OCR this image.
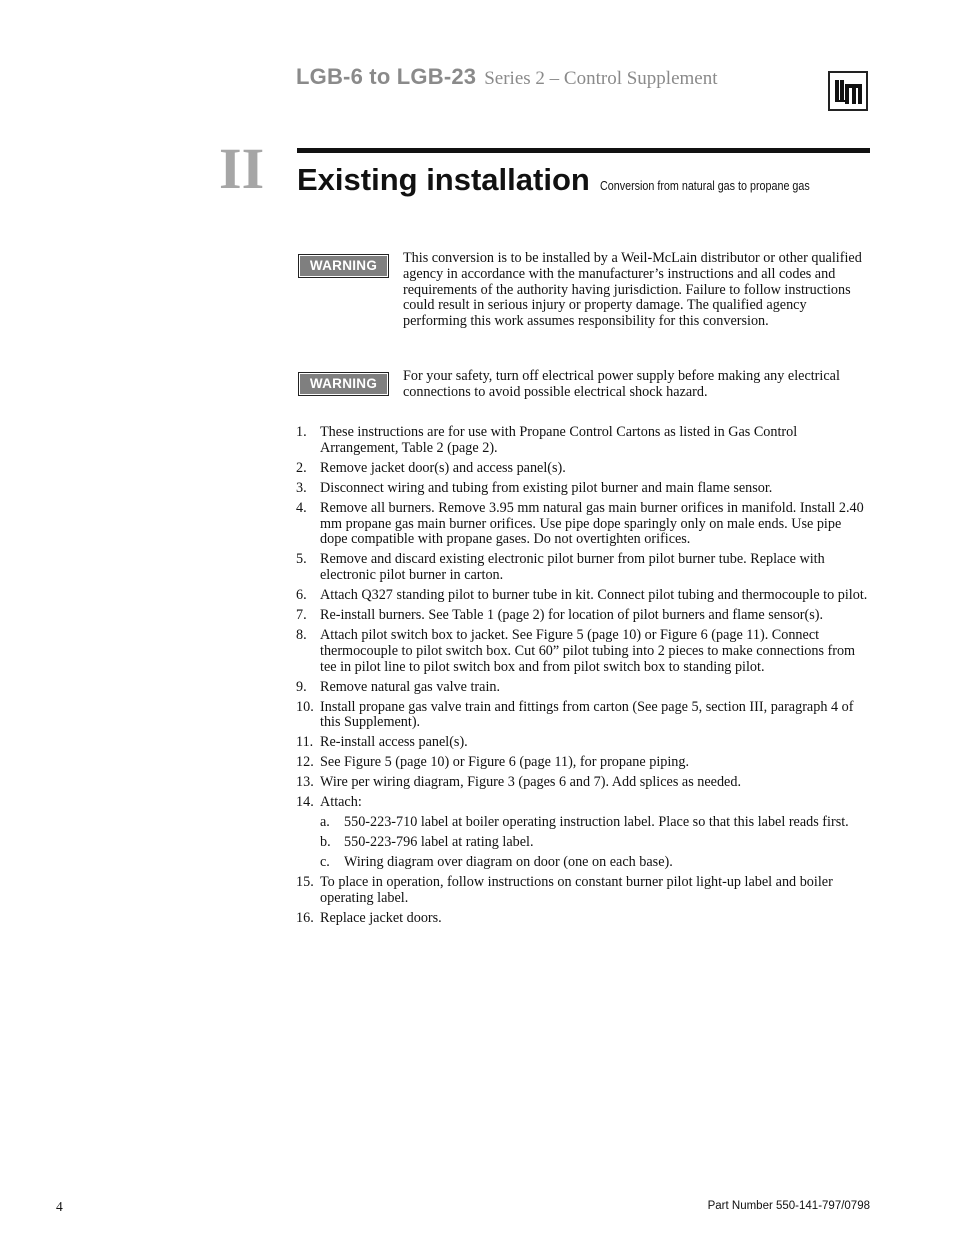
LGB-6 to LGB-23 Series 2 – Control Supplement
II Existing installation Conversion from natural gas to propane gas
WARNING	This conversion is to be installed by a Weil-McLain distributor or other qualified agency in accordance with the manufacturer’s instructions and all codes and requirements of the authority having jurisdiction. Failure to follow instructions could result in serious injury or property damage. The qualified agency performing this work assumes responsibility for this conversion.
WARNING	For your safety, turn off electrical power supply before making any electrical connections to avoid possible electrical shock hazard.
1. These instructions are for use with Propane Control Cartons as listed in Gas Control Arrangement, Table 2 (page 2).
2. Remove jacket door(s) and access panel(s).
3. Disconnect wiring and tubing from existing pilot burner and main flame sensor.
4. Remove all burners. Remove 3.95 mm natural gas main burner orifices in manifold. Install 2.40 mm propane gas main burner orifices. Use pipe dope sparingly only on male ends. Use pipe dope compatible with propane gases. Do not overtighten orifices.
5. Remove and discard existing electronic pilot burner from pilot burner tube. Replace with electronic pilot burner in carton.
6. Attach Q327 standing pilot to burner tube in kit. Connect pilot tubing and thermocouple to pilot.
7. Re-install burners. See Table 1 (page 2) for location of pilot burners and flame sensor(s).
8. Attach pilot switch box to jacket. See Figure 5 (page 10) or Figure 6 (page 11). Connect thermocouple to pilot switch box. Cut 60” pilot tubing into 2 pieces to make connections from tee in pilot line to pilot switch box and from pilot switch box to standing pilot.
9. Remove natural gas valve train.
10. Install propane gas valve train and fittings from carton (See page 5, section III, paragraph 4 of this Supplement).
11. Re-install access panel(s).
12. See Figure 5 (page 10) or Figure 6 (page 11), for propane piping.
13. Wire per wiring diagram, Figure 3 (pages 6 and 7). Add splices as needed.
14. Attach:
a. 550-223-710 label at boiler operating instruction label. Place so that this label reads first.
b. 550-223-796 label at rating label.
c. Wiring diagram over diagram on door (one on each base).
15. To place in operation, follow instructions on constant burner pilot light-up label and boiler operating label.
16. Replace jacket doors.
4	Part Number 550-141-797/0798
